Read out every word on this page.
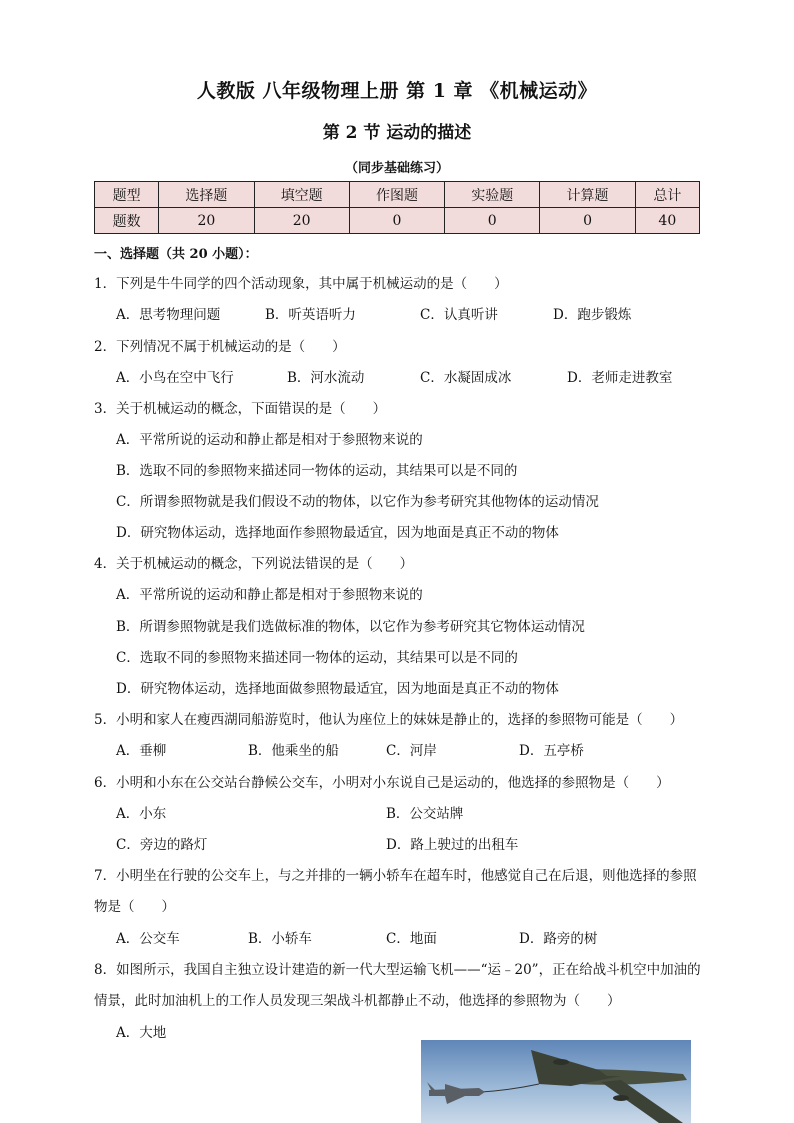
人教版 八年级物理上册 第 1 章 《机械运动》
第 2 节 运动的描述
（同步基础练习）
题型	选择题	填空题	作图题	实验题	计算题	总计
题数	20	20	0	0	0	40
一、选择题（共 20 小题）：
1．下列是牛牛同学的四个活动现象，其中属于机械运动的是（　　）
A．思考物理问题	B．听英语听力	C．认真听讲	D．跑步锻炼
2．下列情况不属于机械运动的是（　　）
A．小鸟在空中飞行	B．河水流动	C．水凝固成冰	D．老师走进教室
3．关于机械运动的概念，下面错误的是（　　）
A．平常所说的运动和静止都是相对于参照物来说的
B．选取不同的参照物来描述同一物体的运动，其结果可以是不同的
C．所谓参照物就是我们假设不动的物体，以它作为参考研究其他物体的运动情况
D．研究物体运动，选择地面作参照物最适宜，因为地面是真正不动的物体
4．关于机械运动的概念，下列说法错误的是（　　）
A．平常所说的运动和静止都是相对于参照物来说的
B．所谓参照物就是我们选做标准的物体，以它作为参考研究其它物体运动情况
C．选取不同的参照物来描述同一物体的运动，其结果可以是不同的
D．研究物体运动，选择地面做参照物最适宜，因为地面是真正不动的物体
5．小明和家人在瘦西湖同船游览时，他认为座位上的妹妹是静止的，选择的参照物可能是（　　）
A．垂柳	B．他乘坐的船	C．河岸	D．五亭桥
6．小明和小东在公交站台静候公交车，小明对小东说自己是运动的，他选择的参照物是（　　）
A．小东	B．公交站牌
C．旁边的路灯	D．路上驶过的出租车
7．小明坐在行驶的公交车上，与之并排的一辆小轿车在超车时，他感觉自己在后退，则他选择的参照物是（　　）
A．公交车	B．小轿车	C．地面	D．路旁的树
8．如图所示，我国自主独立设计建造的新一代大型运输飞机——“运﹣20”，正在给战斗机空中加油的情景，此时加油机上的工作人员发现三架战斗机都静止不动，他选择的参照物为（　　）
A．大地
